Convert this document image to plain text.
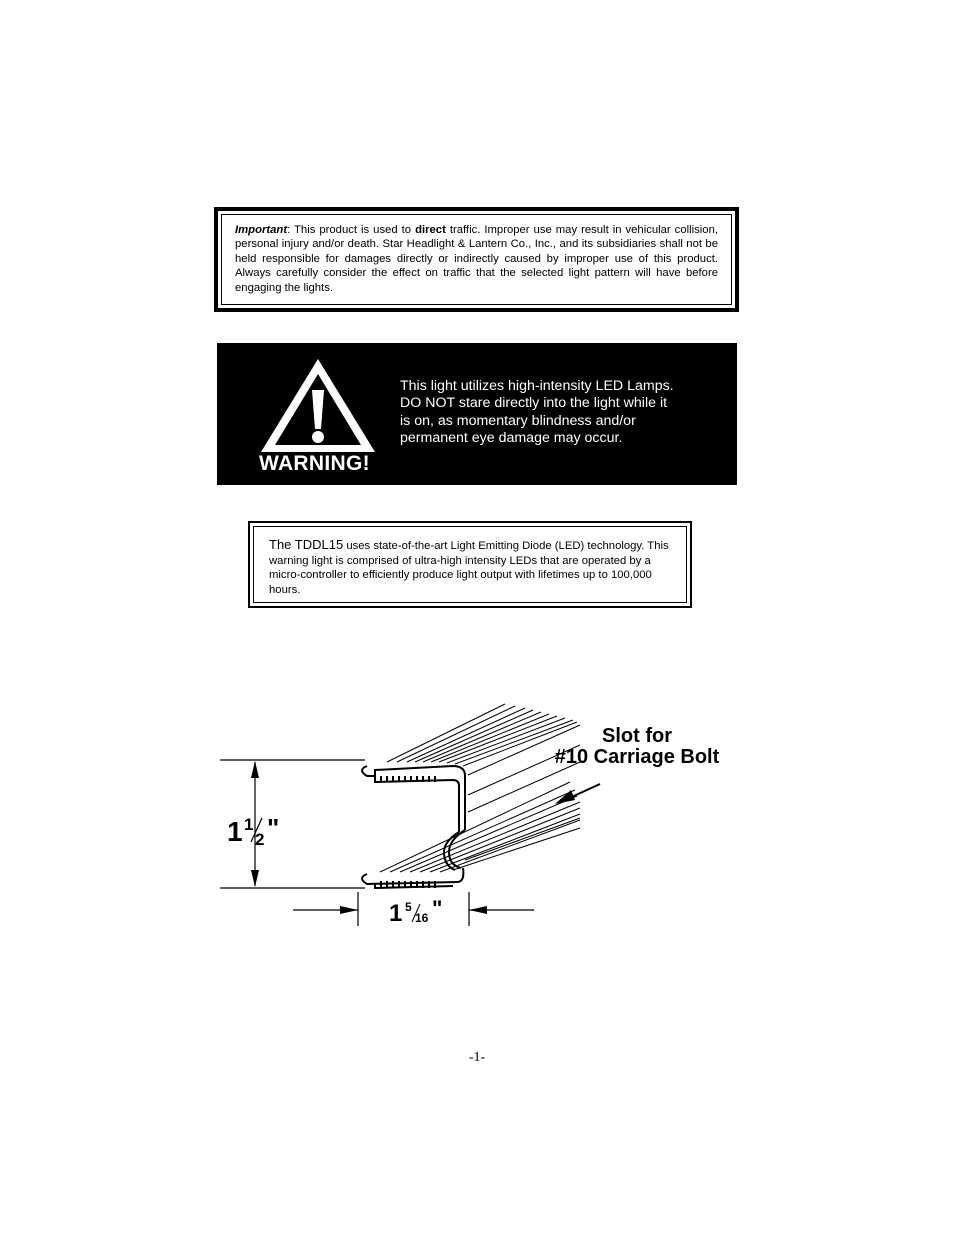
Important: This product is used to direct traffic. Improper use may result in vehicular collision, personal injury and/or death. Star Headlight & Lantern Co., Inc., and its subsidiaries shall not be held responsible for damages directly or indirectly caused by improper use of this product. Always carefully consider the effect on traffic that the selected light pattern will have before engaging the lights.
WARNING!
This light utilizes high-intensity LED Lamps.
DO NOT stare directly into the light while it
is on, as momentary blindness and/or
permanent eye damage may occur.
The TDDL15 uses state-of-the-art Light Emitting Diode (LED) technology. This warning light is comprised of ultra-high intensity LEDs that are operated by a micro-controller to efficiently produce light output with lifetimes up to 100,000 hours.
Slot for
#10 Carriage Bolt
1 1
2 "
1 5
16 "
-1-
